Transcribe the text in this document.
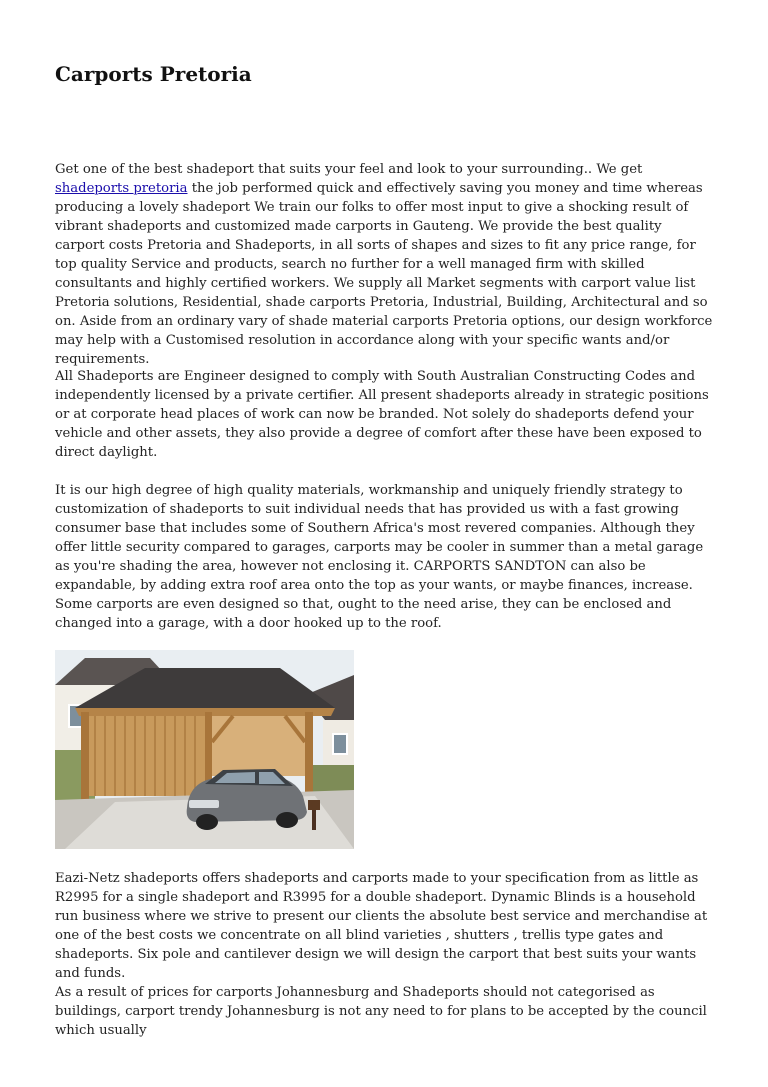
Carports Pretoria

Get one of the best shadeport that suits your feel and look to your surrounding.. We get shadeports pretoria the job performed quick and effectively saving you money and time whereas producing a lovely shadeport We train our folks to offer most input to give a shocking result of vibrant shadeports and customized made carports in Gauteng. We provide the best quality carport costs Pretoria and Shadeports, in all sorts of shapes and sizes to fit any price range, for top quality Service and products, search no further for a well managed firm with skilled consultants and highly certified workers. We supply all Market segments with carport value list Pretoria solutions, Residential, shade carports Pretoria, Industrial, Building, Architectural and so on. Aside from an ordinary vary of shade material carports Pretoria options, our design workforce may help with a Customised resolution in accordance along with your specific wants and/or requirements.

All Shadeports are Engineer designed to comply with South Australian Constructing Codes and independently licensed by a private certifier. All present shadeports already in strategic positions or at corporate head places of work can now be branded. Not solely do shadeports defend your vehicle and other assets, they also provide a degree of comfort after these have been exposed to direct daylight.

It is our high degree of high quality materials, workmanship and uniquely friendly strategy to customization of shadeports to suit individual needs that has provided us with a fast growing consumer base that includes some of Southern Africa's most revered companies. Although they offer little security compared to garages, carports may be cooler in summer than a metal garage as you're shading the area, however not enclosing it. CARPORTS SANDTON can also be expandable, by adding extra roof area onto the top as your wants, or maybe finances, increase. Some carports are even designed so that, ought to the need arise, they can be enclosed and changed into a garage, with a door hooked up to the roof.

Eazi-Netz shadeports offers shadeports and carports made to your specification from as little as R2995 for a single shadeport and R3995 for a double shadeport. Dynamic Blinds is a household run business where we strive to present our clients the absolute best service and merchandise at one of the best costs we concentrate on all blind varieties , shutters , trellis type gates and shadeports. Six pole and cantilever design we will design the carport that best suits your wants and funds.

As a result of prices for carports Johannesburg and Shadeports should not categorised as buildings, carport trendy Johannesburg is not any need to for plans to be accepted by the council which usually
